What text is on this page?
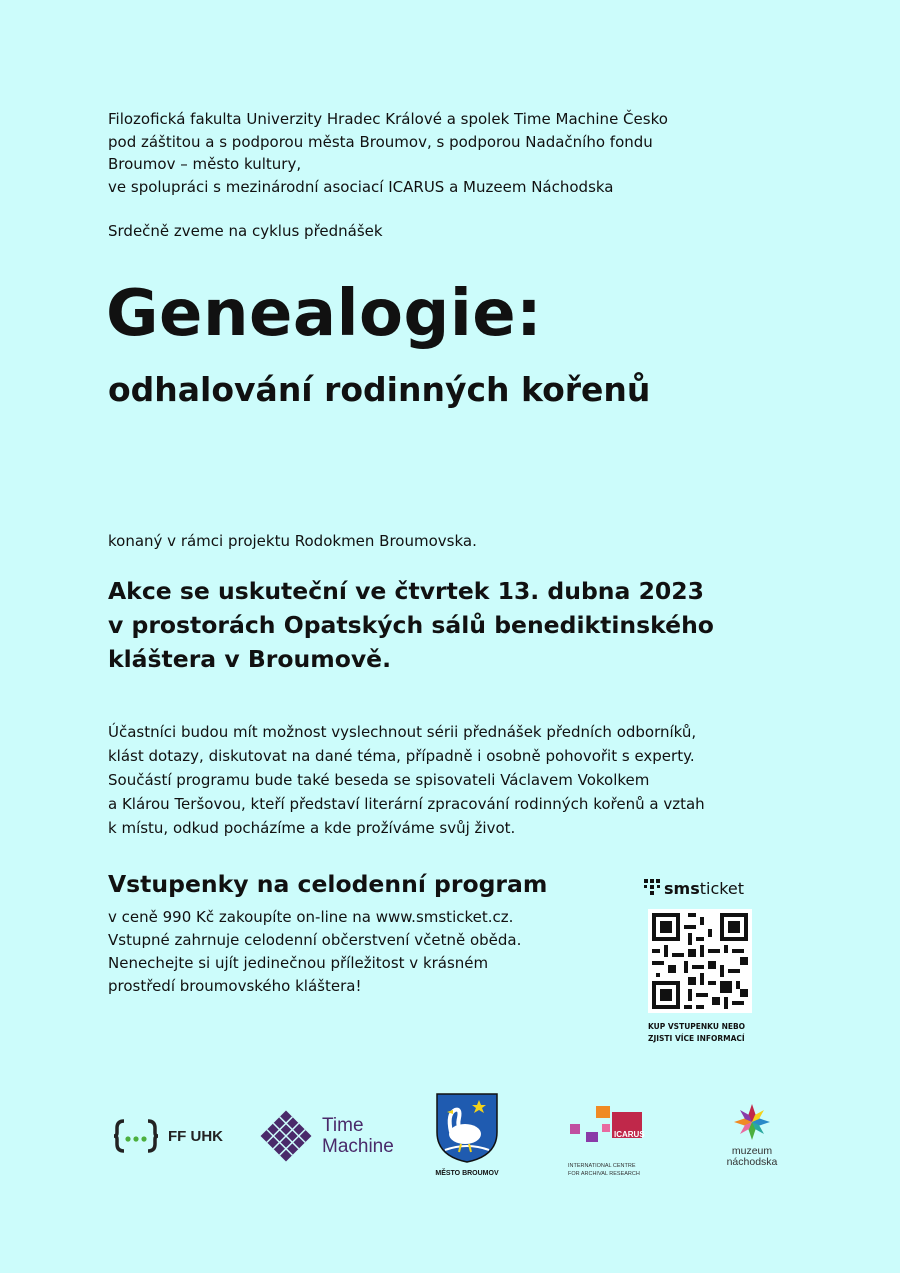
Filozofická fakulta Univerzity Hradec Králové a spolek Time Machine Česko
pod záštitou a s podporou města Broumov, s podporou Nadačního fondu
Broumov – město kultury,
ve spolupráci s mezinárodní asociací ICARUS a Muzeem Náchodska
Srdečně zveme na cyklus přednášek
Genealogie:
odhalování rodinných kořenů
konaný v rámci projektu Rodokmen Broumovska.
Akce se uskuteční ve čtvrtek 13. dubna 2023
v prostorách Opatských sálů benediktinského
kláštera v Broumově.
Účastníci budou mít možnost vyslechnout sérii přednášek předních odborníků,
klást dotazy, diskutovat na dané téma, případně i osobně pohovořit s experty.
Součástí programu bude také beseda se spisovateli Václavem Vokolkem
a Klárou Teršovou, kteří představí literární zpracování rodinných kořenů a vztah
k místu, odkud pocházíme a kde prožíváme svůj život.
Vstupenky na celodenní program
v ceně 990 Kč zakoupíte on-line na www.smsticket.cz.
Vstupné zahrnuje celodenní občerstvení včetně oběda.
Nenechejte si ujít jedinečnou příležitost v krásném
prostředí broumovského kláštera!
sms ticket
KUP VSTUPENKU NEBO
ZJISTI VÍCE INFORMACÍ
FF UHK	Time
Machine
MĚSTO BROUMOV
ICARUS
INTERNATIONAL CENTRE
FOR ARCHIVAL RESEARCH
muzeum
náchodska
